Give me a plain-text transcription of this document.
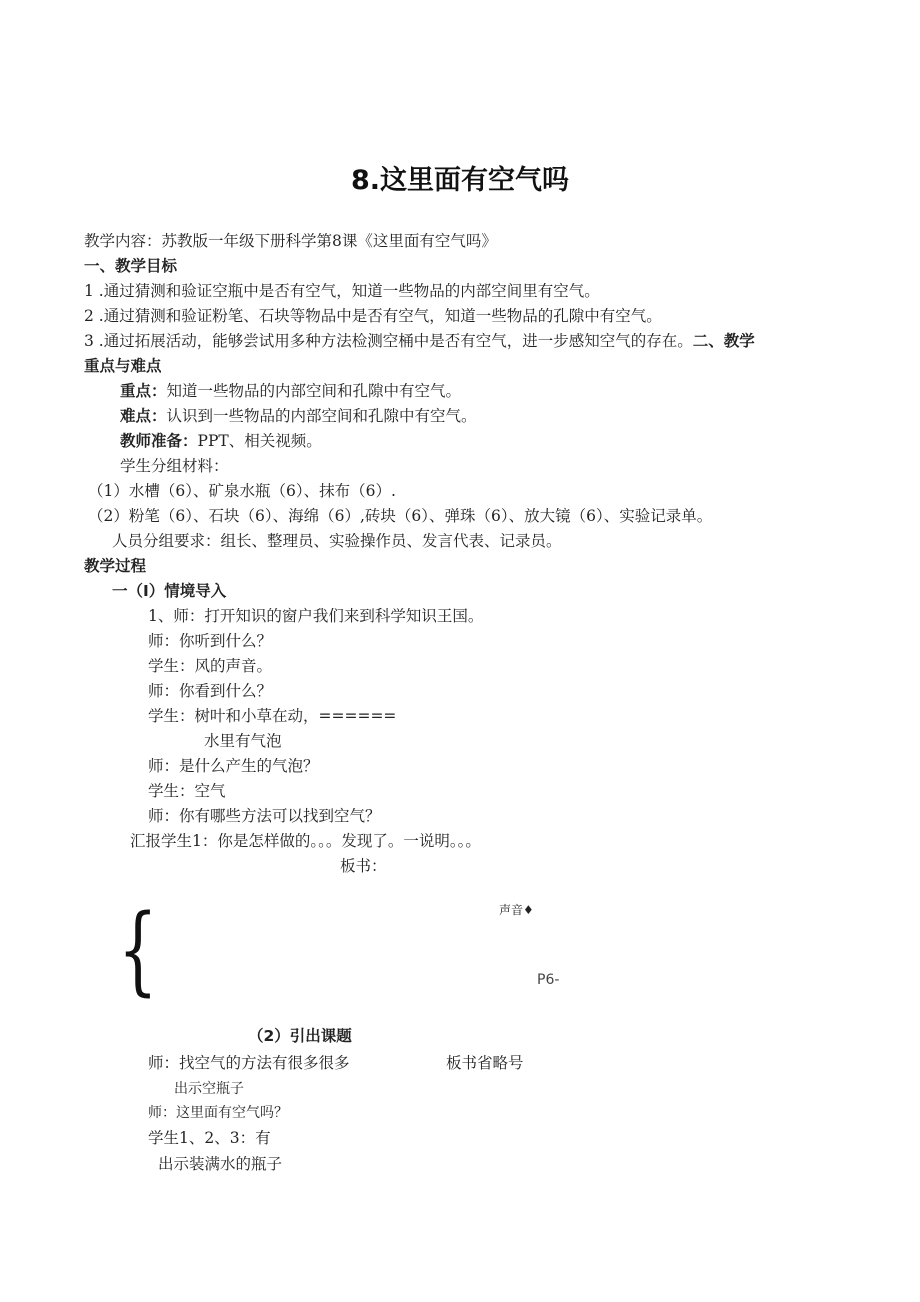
8.这里面有空气吗
教学内容：苏教版一年级下册科学第8课《这里面有空气吗》
一、教学目标
1 .通过猜测和验证空瓶中是否有空气，知道一些物品的内部空间里有空气。
2 .通过猜测和验证粉笔、石块等物品中是否有空气，知道一些物品的孔隙中有空气。
3 .通过拓展活动，能够尝试用多种方法检测空桶中是否有空气，进一步感知空气的存在。二、教学
重点与难点
重点：知道一些物品的内部空间和孔隙中有空气。
难点：认识到一些物品的内部空间和孔隙中有空气。
教师准备：PPT、相关视频。
学生分组材料：
（1）水槽（6）、矿泉水瓶（6）、抹布（6）.
（2）粉笔（6）、石块（6）、海绵（6）,砖块（6）、弹珠（6）、放大镜（6）、实验记录单。
人员分组要求：组长、整理员、实验操作员、发言代表、记录员。
教学过程
一（I）情境导入
1、师：打开知识的窗户我们来到科学知识王国。
师：你听到什么？
学生：风的声音。
师：你看到什么？
学生：树叶和小草在动，======
水里有气泡
师：是什么产生的气泡？
学生：空气
师：你有哪些方法可以找到空气？
汇报学生1：你是怎样做的。。。发现了。一说明。。。
板书：
{	声音♦
P6-
（2）引出课题
师：找空气的方法有很多很多	板书省略号
出示空瓶子
师：这里面有空气吗？
学生1、2、3：有
出示装满水的瓶子
